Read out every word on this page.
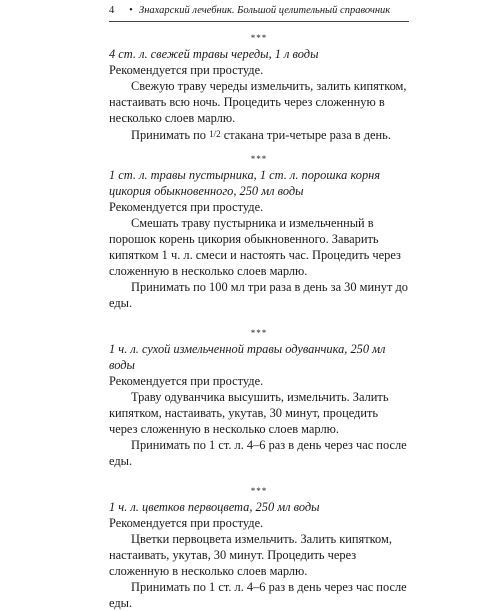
4 • Знахарский лечебник. Большой целительный справочник
***

4 ст. л. свежей травы череды, 1 л воды

Рекомендуется при простуде.

Свежую траву череды измельчить, залить кипятком, настаивать всю ночь. Процедить через сложенную в несколько слоев марлю.

Принимать по 1/2 стакана три-четыре раза в день.

***

1 ст. л. травы пустырника, 1 ст. л. порошка корня цикория обыкновенного, 250 мл воды

Рекомендуется при простуде.

Смешать траву пустырника и измельченный в порошок корень цикория обыкновенного. Заварить кипятком 1 ч. л. смеси и настоять час. Процедить через сложенную в несколько слоев марлю.

Принимать по 100 мл три раза в день за 30 минут до еды.

***

1 ч. л. сухой измельченной травы одуванчика, 250 мл воды

Рекомендуется при простуде.

Траву одуванчика высушить, измельчить. Залить кипятком, настаивать, укутав, 30 минут, процедить через сложенную в несколько слоев марлю.

Принимать по 1 ст. л. 4–6 раз в день через час после еды.

***

1 ч. л. цветков первоцвета, 250 мл воды

Рекомендуется при простуде.

Цветки первоцвета измельчить. Залить кипятком, настаивать, укутав, 30 минут. Процедить через сложенную в несколько слоев марлю.

Принимать по 1 ст. л. 4–6 раз в день через час после еды.
